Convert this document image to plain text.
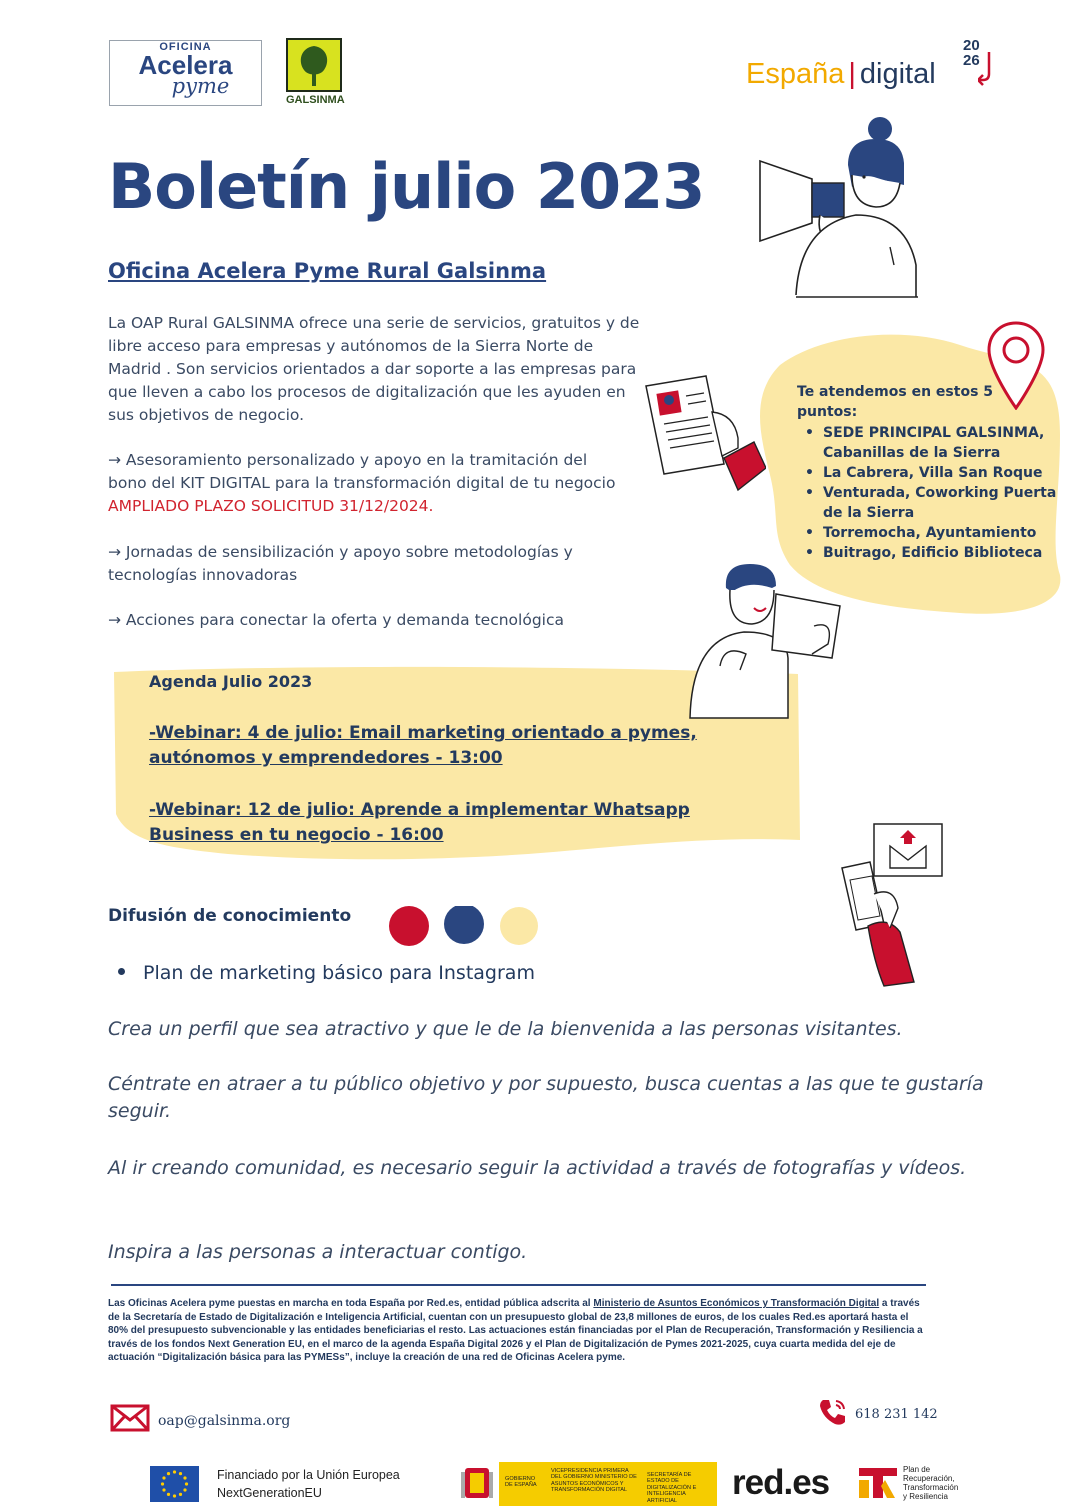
OFICINA
Acelera
pyme
GALSINMA
España | digital
20
26
Boletín julio 2023
Oficina Acelera Pyme Rural Galsinma
La OAP Rural GALSINMA ofrece una serie de servicios, gratuitos y de libre acceso para empresas y autónomos de la Sierra Norte de Madrid . Son servicios orientados a dar soporte a las empresas para que lleven a cabo los procesos de digitalización que les ayuden en sus objetivos de negocio.
→ Asesoramiento personalizado y apoyo en la tramitación del bono del KIT DIGITAL para la transformación digital de tu negocio AMPLIADO PLAZO SOLICITUD 31/12/2024.
→ Jornadas de sensibilización y apoyo sobre metodologías y tecnologías innovadoras
→ Acciones para conectar la oferta y demanda tecnológica
Te atendemos en estos 5 puntos:
• SEDE PRINCIPAL GALSINMA, Cabanillas de la Sierra
• La Cabrera, Villa San Roque
• Venturada, Coworking Puerta de la Sierra
• Torremocha, Ayuntamiento
• Buitrago, Edificio Biblioteca
Agenda Julio 2023
-Webinar: 4 de julio: Email marketing orientado a pymes, autónomos y emprendedores - 13:00
-Webinar: 12 de julio: Aprende a implementar Whatsapp Business en tu negocio - 16:00
Difusión de conocimiento
Plan de marketing básico para Instagram
Crea un perfil que sea atractivo y que le de la bienvenida a las personas visitantes.
Céntrate en atraer a tu público objetivo y por supuesto, busca cuentas a las que te gustaría seguir.
Al ir creando comunidad, es necesario seguir la actividad a través de fotografías y vídeos.
Inspira a las personas a interactuar contigo.
Las Oficinas Acelera pyme puestas en marcha en toda España por Red.es, entidad pública adscrita al Ministerio de Asuntos Económicos y Transformación Digital a través de la Secretaría de Estado de Digitalización e Inteligencia Artificial, cuentan con un presupuesto global de 23,8 millones de euros, de los cuales Red.es aportará hasta el 80% del presupuesto subvencionable y las entidades beneficiarias el resto. Las actuaciones están financiadas por el Plan de Recuperación, Transformación y Resiliencia a través de los fondos Next Generation EU, en el marco de la agenda España Digital 2026 y el Plan de Digitalización de Pymes 2021-2025, cuya cuarta medida del eje de actuación “Digitalización básica para las PYMESs”, incluye la creación de una red de Oficinas Acelera pyme.
oap@galsinma.org	$^{618 231 142}$
Financiado por la Unión Europea
NextGenerationEU
GOBIERNO DE ESPAÑA
VICEPRESIDENCIA PRIMERA DEL GOBIERNO MINISTERIO DE ASUNTOS ECONÓMICOS Y TRANSFORMACIÓN DIGITAL
SECRETARÍA DE ESTADO DE DIGITALIZACIÓN E INTELIGENCIA ARTIFICIAL	red.es	Plan de Recuperación, Transformación y Resiliencia
